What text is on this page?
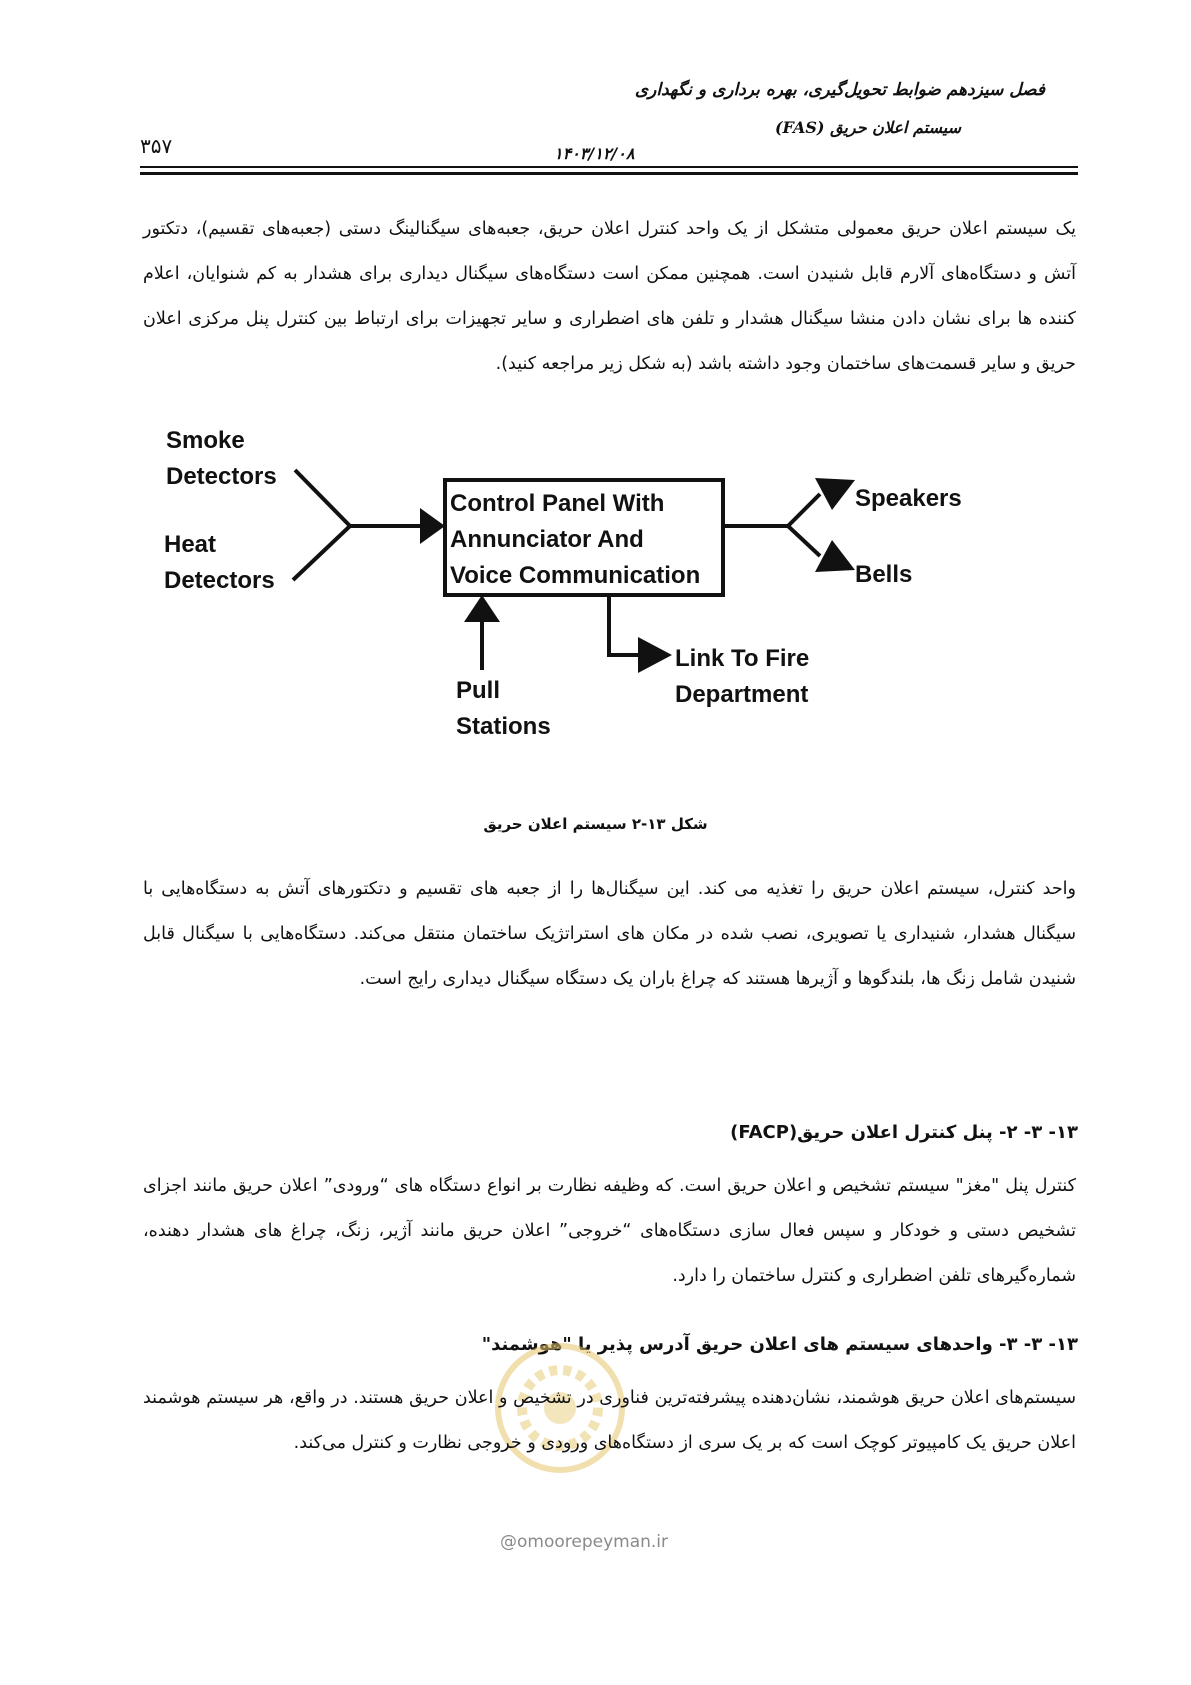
فصل سیزدهم ضوابط تحویل‌گیری، بهره برداری و نگهداری
سیستم اعلان حریق (FAS)
۳۵۷	۱۴۰۳/۱۲/۰۸

یک سیستم اعلان حریق معمولی متشکل از یک واحد کنترل اعلان حریق، جعبه‌های سیگنالینگ دستی (جعبه‌های تقسیم)، دتکتور آتش و دستگاه‌های آلارم قابل شنیدن است. همچنین ممکن است دستگاه‌های سیگنال دیداری برای هشدار به کم شنوایان، اعلام کننده ها برای نشان دادن منشا سیگنال هشدار و تلفن های اضطراری و سایر تجهیزات برای ارتباط بین کنترل پنل مرکزی اعلان حریق و سایر قسمت‌های ساختمان وجود داشته باشد (به شکل زیر مراجعه کنید).

Smoke
Detectors
Heat
Detectors
Speakers
Bells
Pull
Stations
Link To Fire
Department
Control Panel With
Annunciator And
Voice Communication
شکل ۱۳-۲ سیستم اعلان حریق

واحد کنترل، سیستم اعلان حریق را تغذیه می کند. این سیگنال‌ها را از جعبه های تقسیم و دتکتورهای آتش به دستگاه‌هایی با سیگنال هشدار، شنیداری یا تصویری، نصب شده در مکان های استراتژیک ساختمان منتقل می‌کند. دستگاه‌هایی با سیگنال قابل شنیدن شامل زنگ ها، بلندگوها و آژیرها هستند که چراغ باران یک دستگاه سیگنال دیداری رایج است.

۱۳- ۳- ۲- پنل کنترل اعلان حریق(FACP)

کنترل پنل "مغز" سیستم تشخیص و اعلان حریق است. که وظیفه نظارت بر انواع دستگاه های “ورودی” اعلان حریق مانند اجزای تشخیص دستی و خودکار و سپس فعال سازی دستگاه‌های “خروجی” اعلان حریق مانند آژیر، زنگ، چراغ های هشدار دهنده، شماره‌گیرهای تلفن اضطراری و کنترل ساختمان را دارد.

۱۳- ۳- ۳- واحدهای سیستم های اعلان حریق آدرس پذیر یا "هوشمند"

سیستم‌های اعلان حریق هوشمند، نشان‌دهنده پیشرفته‌ترین فناوری در تشخیص و اعلان حریق هستند. در واقع، هر سیستم هوشمند اعلان حریق یک کامپیوتر کوچک است که بر یک سری از دستگاه‌های ورودی و خروجی نظارت و کنترل می‌کند.

@omoorepeyman.ir
